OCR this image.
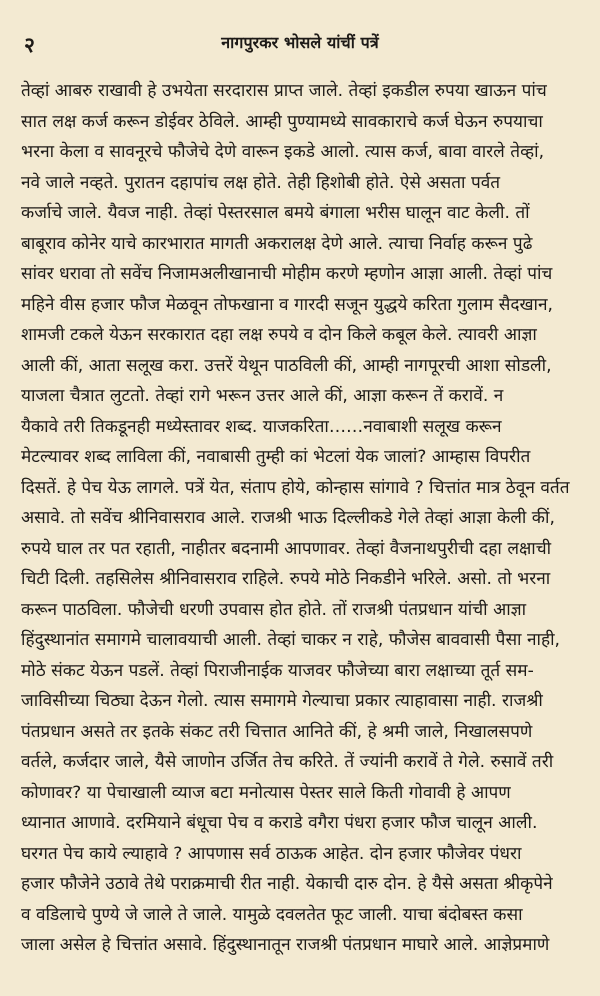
२	नागपुरकर भोसले यांचीं पत्रें
तेव्हां आबरु राखावी हे उभयेता सरदारास प्राप्त जाले. तेव्हां इकडील रुपया खाऊन पांच
सात लक्ष कर्ज करून डोईवर ठेविले. आम्ही पुण्यामध्ये सावकाराचे कर्ज घेऊन रुपयाचा
भरना केला व सावनूरचे फौजेचे देणे वारून इकडे आलो. त्यास कर्ज, बावा वारले तेव्हां,
नवे जाले नव्हते. पुरातन दहापांच लक्ष होते. तेही हिशोबी होते. ऐसे असता पर्वत
कर्जाचे जाले. यैवज नाही. तेव्हां पेस्तरसाल बमये बंगाला भरीस घालून वाट केली. तों
बाबूराव कोनेर याचे कारभारात मागती अकरालक्ष देणे आले. त्याचा निर्वाह करून पुढे
सांवर धरावा तो सवेंच निजामअलीखानाची मोहीम करणे म्हणोन आज्ञा आली. तेव्हां पांच
महिने वीस हजार फौज मेळवून तोफखाना व गारदी सजून युद्धये करिता गुलाम सैदखान,
शामजी टकले येऊन सरकारात दहा लक्ष रुपये व दोन किले कबूल केले. त्यावरी आज्ञा
आली कीं, आता सलूख करा. उत्तरें येथून पाठविली कीं, आम्ही नागपूरची आशा सोडली,
याजला चैत्रात लुटतो. तेव्हां रागे भरून उत्तर आले कीं, आज्ञा करून तें करावें. न
यैकावे तरी तिकडूनही मध्येस्तावर शब्द. याजकरिता……नवाबाशी सलूख करून
मेटल्यावर शब्द लाविला कीं, नवाबासी तुम्ही कां भेटलां येक जालां? आम्हास विपरीत
दिसतें. हे पेच येऊ लागले. पत्रें येत, संताप होये, कोन्हास सांगावे ? चित्तांत मात्र ठेवून वर्तत
असावे. तो सवेंच श्रीनिवासराव आले. राजश्री भाऊ दिल्लीकडे गेले तेव्हां आज्ञा केली कीं,
रुपये घाल तर पत रहाती, नाहीतर बदनामी आपणावर. तेव्हां वैजनाथपुरीची दहा लक्षाची
चिटी दिली. तहसिलेस श्रीनिवासराव राहिले. रुपये मोठे निकडीने भरिले. असो. तो भरना
करून पाठविला. फौजेची धरणी उपवास होत होते. तों राजश्री पंतप्रधान यांची आज्ञा
हिंदुस्थानांत समागमे चालावयाची आली. तेव्हां चाकर न राहे, फौजेस बाववासी पैसा नाही,
मोठे संकट येऊन पडलें. तेव्हां पिराजीनाईक याजवर फौजेच्या बारा लक्षाच्या तूर्त सम-
जाविसीच्या चिठ्या देऊन गेलो. त्यास समागमे गेल्याचा प्रकार त्याहावासा नाही. राजश्री
पंतप्रधान असते तर इतके संकट तरी चित्तात आनिते कीं, हे श्रमी जाले, निखालसपणे
वर्तले, कर्जदार जाले, यैसे जाणोन उर्जित तेच करिते. तें ज्यांनी करावें ते गेले. रुसावें तरी
कोणावर? या पेचाखाली व्याज बटा मनोत्यास पेस्तर साले किती गोवावी हे आपण
ध्यानात आणावे. दरमियाने बंधूचा पेच व कराडे वगैरा पंधरा हजार फौज चालून आली.
घरगत पेच काये ल्याहावे ? आपणास सर्व ठाऊक आहेत. दोन हजार फौजेवर पंधरा
हजार फौजेने उठावे तेथे पराक्रमाची रीत नाही. येकाची दारु दोन. हे यैसे असता श्रीकृपेने
व वडिलाचे पुण्ये जे जाले ते जाले. यामुळे दवलतेत फूट जाली. याचा बंदोबस्त कसा
जाला असेल हे चित्तांत असावे. हिंदुस्थानातून राजश्री पंतप्रधान माघारे आले. आज्ञेप्रमाणे
